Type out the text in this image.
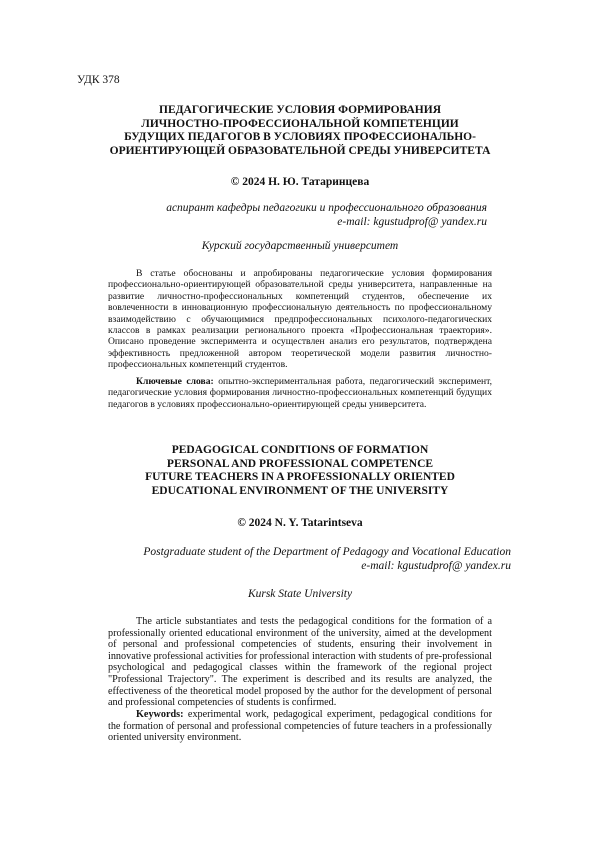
УДК 378
ПЕДАГОГИЧЕСКИЕ УСЛОВИЯ ФОРМИРОВАНИЯ
ЛИЧНОСТНО-ПРОФЕССИОНАЛЬНОЙ КОМПЕТЕНЦИИ
БУДУЩИХ ПЕДАГОГОВ В УСЛОВИЯХ ПРОФЕССИОНАЛЬНО-
ОРИЕНТИРУЮЩЕЙ ОБРАЗОВАТЕЛЬНОЙ СРЕДЫ УНИВЕРСИТЕТА
© 2024 Н. Ю. Татаринцева
аспирант кафедры педагогики и профессионального образования
e-mail: kgustudprof@ yandex.ru
Курский государственный университет

В статье обоснованы и апробированы педагогические условия формирования профессионально-ориентирующей образовательной среды университета, направленные на развитие личностно-профессиональных компетенций студентов, обеспечение их вовлеченности в инновационную профессиональную деятельность по профессиональному взаимодействию с обучающимися предпрофессиональных психолого-педагогических классов в рамках реализации регионального проекта «Профессиональная траектория». Описано проведение эксперимента и осуществлен анализ его результатов, подтверждена эффективность предложенной автором теоретической модели развития личностно-профессиональных компетенций студентов.

Ключевые слова: опытно-экспериментальная работа, педагогический эксперимент, педагогические условия формирования личностно-профессиональных компетенций будущих педагогов в условиях профессионально-ориентирующей среды университета.

PEDAGOGICAL CONDITIONS OF FORMATION
PERSONAL AND PROFESSIONAL COMPETENCE
FUTURE TEACHERS IN A PROFESSIONALLY ORIENTED
EDUCATIONAL ENVIRONMENT OF THE UNIVERSITY
© 2024 N. Y. Tatarintseva
Postgraduate student of the Department of Pedagogy and Vocational Education
e-mail: kgustudprof@ yandex.ru
Kursk State University

The article substantiates and tests the pedagogical conditions for the formation of a professionally oriented educational environment of the university, aimed at the development of personal and professional competencies of students, ensuring their involvement in innovative professional activities for professional interaction with students of pre-professional psychological and pedagogical classes within the framework of the regional project "Professional Trajectory". The experiment is described and its results are analyzed, the effectiveness of the theoretical model proposed by the author for the development of personal and professional competencies of students is confirmed.

Keywords: experimental work, pedagogical experiment, pedagogical conditions for the formation of personal and professional competencies of future teachers in a professionally oriented university environment.
